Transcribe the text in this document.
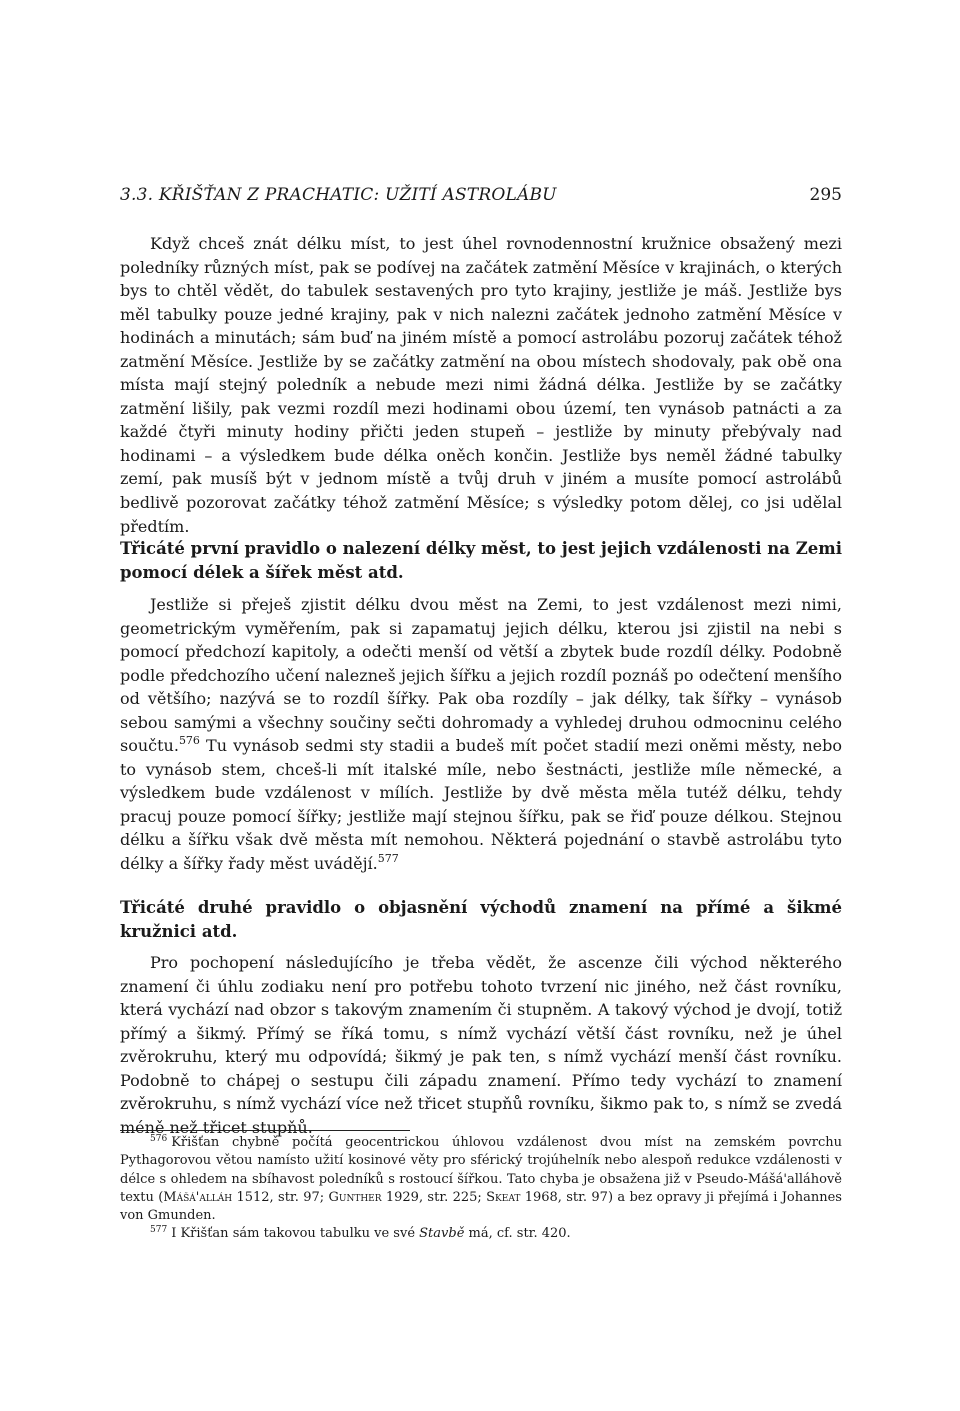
3.3. KŘIŠŤAN Z PRACHATIC: UŽITÍ ASTROLÁBU	295

Když chceš znát délku míst, to jest úhel rovnodennostní kružnice obsažený mezi poledníky různých míst, pak se podívej na začátek zatmění Měsíce v krajinách, o kterých bys to chtěl vědět, do tabulek sestavených pro tyto krajiny, jestliže je máš. Jestliže bys měl tabulky pouze jedné krajiny, pak v nich nalezni začátek jednoho zatmění Měsíce v hodinách a minutách; sám buď na jiném místě a pomocí astrolábu pozoruj začátek téhož zatmění Měsíce. Jestliže by se začátky zatmění na obou místech shodovaly, pak obě ona místa mají stejný poledník a nebude mezi nimi žádná délka. Jestliže by se začátky zatmění lišily, pak vezmi rozdíl mezi hodinami obou území, ten vynásob patnácti a za každé čtyři minuty hodiny přičti jeden stupeň – jestliže by minuty přebývaly nad hodinami – a výsledkem bude délka oněch končin. Jestliže bys neměl žádné tabulky zemí, pak musíš být v jednom místě a tvůj druh v jiném a musíte pomocí astrolábů bedlivě pozorovat začátky téhož zatmění Měsíce; s výsledky potom dělej, co jsi udělal předtím.

Třicáté první pravidlo o nalezení délky měst, to jest jejich vzdálenosti na Zemi pomocí délek a šířek měst atd.

Jestliže si přeješ zjistit délku dvou měst na Zemi, to jest vzdálenost mezi nimi, geometrickým vyměřením, pak si zapamatuj jejich délku, kterou jsi zjistil na nebi s pomocí předchozí kapitoly, a odečti menší od větší a zbytek bude rozdíl délky. Podobně podle předchozího učení nalezneš jejich šířku a jejich rozdíl poznáš po odečtení menšího od většího; nazývá se to rozdíl šířky. Pak oba rozdíly – jak délky, tak šířky – vynásob sebou samými a všechny součiny sečti dohromady a vyhledej druhou odmocninu celého součtu.$^{576}$ Tu vynásob sedmi sty stadii a budeš mít počet stadií mezi oněmi městy, nebo to vynásob stem, chceš-li mít italské míle, nebo šestnácti, jestliže míle německé, a výsledkem bude vzdálenost v mílích. Jestliže by dvě města měla tutéž délku, tehdy pracuj pouze pomocí šířky; jestliže mají stejnou šířku, pak se řiď pouze délkou. Stejnou délku a šířku však dvě města mít nemohou. Některá pojednání o stavbě astrolábu tyto délky a šířky řady měst uvádějí.$^{577}$

Třicáté druhé pravidlo o objasnění východů znamení na přímé a šikmé kružnici atd.

Pro pochopení následujícího je třeba vědět, že ascenze čili východ některého znamení či úhlu zodiaku není pro potřebu tohoto tvrzení nic jiného, než část rovníku, která vychází nad obzor s takovým znamením či stupněm. A takový východ je dvojí, totiž přímý a šikmý. Přímý se říká tomu, s nímž vychází větší část rovníku, než je úhel zvěrokruhu, který mu odpovídá; šikmý je pak ten, s nímž vychází menší část rovníku. Podobně to chápej o sestupu čili západu znamení. Přímo tedy vychází to znamení zvěrokruhu, s nímž vychází více než třicet stupňů rovníku, šikmo pak to, s nímž se zvedá méně než třicet stupňů.

$^{576}$ Křišťan chybně počítá geocentrickou úhlovou vzdálenost dvou míst na zemském povrchu Pythagorovou větou namísto užití kosinové věty pro sférický trojúhelník nebo alespoň redukce vzdálenosti v délce s ohledem na sbíhavost poledníků s rostoucí šířkou. Tato chyba je obsažena již v Pseudo-Mášá'alláhově textu (Mášá'alláh 1512, str. 97; Gunther 1929, str. 225; Skeat 1968, str. 97) a bez opravy ji přejímá i Johannes von Gmunden.

$^{577}$ I Křišťan sám takovou tabulku ve své Stavbě má, cf. str. 420.
